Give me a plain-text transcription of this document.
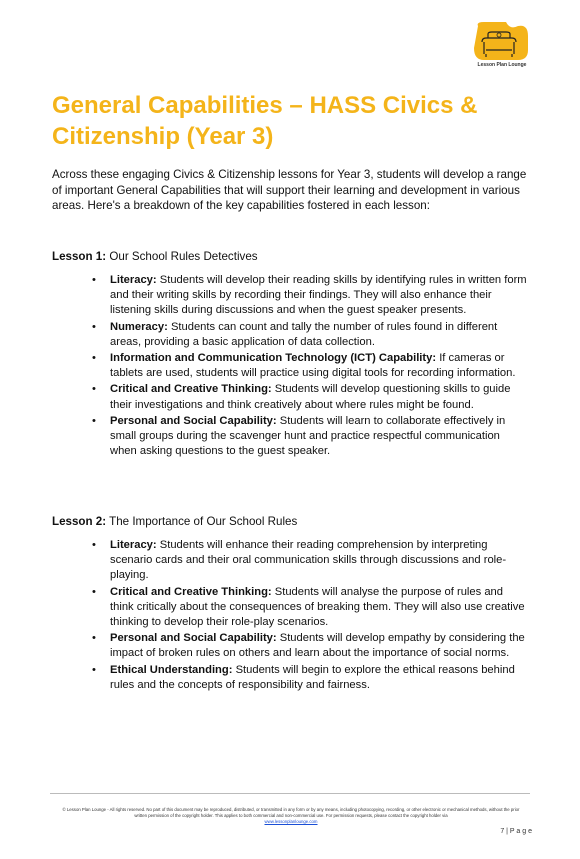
Lesson Plan Lounge
General Capabilities – HASS Civics & Citizenship (Year 3)

Across these engaging Civics & Citizenship lessons for Year 3, students will develop a range of important General Capabilities that will support their learning and development in various areas. Here's a breakdown of the key capabilities fostered in each lesson:

Lesson 1: Our School Rules Detectives
• Literacy: Students will develop their reading skills by identifying rules in written form and their writing skills by recording their findings. They will also enhance their listening skills during discussions and when the guest speaker presents.
• Numeracy: Students can count and tally the number of rules found in different areas, providing a basic application of data collection.
• Information and Communication Technology (ICT) Capability: If cameras or tablets are used, students will practice using digital tools for recording information.
• Critical and Creative Thinking: Students will develop questioning skills to guide their investigations and think creatively about where rules might be found.
• Personal and Social Capability: Students will learn to collaborate effectively in small groups during the scavenger hunt and practice respectful communication when asking questions to the guest speaker.
Lesson 2: The Importance of Our School Rules
• Literacy: Students will enhance their reading comprehension by interpreting scenario cards and their oral communication skills through discussions and role-playing.
• Critical and Creative Thinking: Students will analyse the purpose of rules and think critically about the consequences of breaking them. They will also use creative thinking to develop their role-play scenarios.
• Personal and Social Capability: Students will develop empathy by considering the impact of broken rules on others and learn about the importance of social norms.
• Ethical Understanding: Students will begin to explore the ethical reasons behind rules and the concepts of responsibility and fairness.

© Lesson Plan Lounge - All rights reserved. No part of this document may be reproduced, distributed, or transmitted in any form or by any means, including photocopying, recording, or other electronic or mechanical methods, without the prior written permission of the copyright holder. This applies to both commercial and non-commercial use. For permission requests, please contact the copyright holder via
www.lessonplanlounge.com

7 | P a g e
